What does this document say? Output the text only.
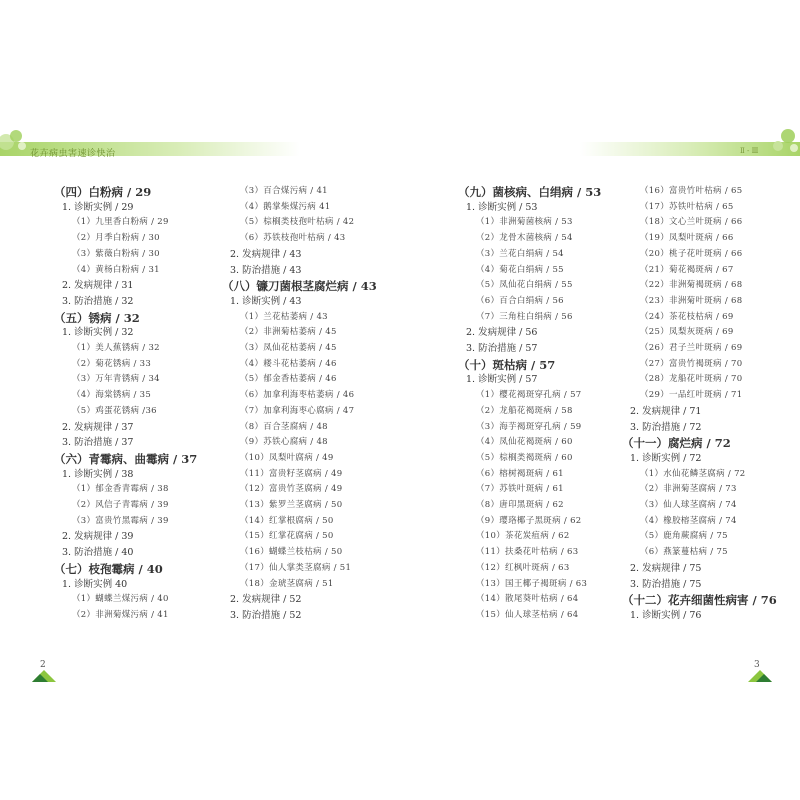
花卉病虫害速诊快治	Ⅱ - Ⅲ
（四）白粉病 / 29
1. 诊断实例 / 29
（1）九里香白粉病 / 29
（2）月季白粉病 / 30
（3）紫薇白粉病 / 30
（4）黄杨白粉病 / 31
2. 发病规律 / 31
3. 防治措施 / 32
（五）锈病 / 32
1. 诊断实例 / 32
（1）美人蕉锈病 / 32
（2）菊花锈病 / 33
（3）万年青锈病 / 34
（4）海棠锈病 / 35
（5）鸡蛋花锈病 /36
2. 发病规律 / 37
3. 防治措施 / 37
（六）青霉病、曲霉病 / 37
1. 诊断实例 / 38
（1）郁金香青霉病 / 38
（2）风信子青霉病 / 39
（3）富贵竹黑霉病 / 39
2. 发病规律 / 39
3. 防治措施 / 40
（七）枝孢霉病 / 40
1. 诊断实例 40
（1）蝴蝶兰煤污病 / 40
（2）非洲菊煤污病 / 41
（3）百合煤污病 / 41
（4）鹅掌柴煤污病 41
（5）棕榈类枝孢叶枯病 / 42
（6）苏铁枝孢叶枯病 / 43
2. 发病规律 / 43
3. 防治措施 / 43
（八）镰刀菌根茎腐烂病 / 43
1. 诊断实例 / 43
（1）兰花枯萎病 / 43
（2）非洲菊枯萎病 / 45
（3）凤仙花枯萎病 / 45
（4）耧斗花枯萎病 / 46
（5）郁金香枯萎病 / 46
（6）加拿利海枣枯萎病 / 46
（7）加拿利海枣心腐病 / 47
（8）百合茎腐病 / 48
（9）苏铁心腐病 / 48
（10）凤梨叶腐病 / 49
（11）富贵籽茎腐病 / 49
（12）富贵竹茎腐病 / 49
（13）紫罗兰茎腐病 / 50
（14）红掌根腐病 / 50
（15）红掌花腐病 / 50
（16）蝴蝶兰枝枯病 / 50
（17）仙人掌类茎腐病 / 51
（18）金琥茎腐病 / 51
2. 发病规律 / 52
3. 防治措施 / 52
（九）菌核病、白绢病 / 53
1. 诊断实例 / 53
（1）非洲菊菌核病 / 53
（2）龙骨木菌核病 / 54
（3）兰花白绢病 / 54
（4）菊花白绢病 / 55
（5）凤仙花白绢病 / 55
（6）百合白绢病 / 56
（7）三角柱白绢病 / 56
2. 发病规律 / 56
3. 防治措施 / 57
（十）斑枯病 / 57
1. 诊断实例 / 57
（1）樱花褐斑穿孔病 / 57
（2）龙船花褐斑病 / 58
（3）海芋褐斑穿孔病 / 59
（4）凤仙花褐斑病 / 60
（5）棕榈类褐斑病 / 60
（6）榕树褐斑病 / 61
（7）苏铁叶斑病 / 61
（8）唐印黑斑病 / 62
（9）璎珞椰子黑斑病 / 62
（10）茶花炭疽病 / 62
（11）扶桑花叶枯病 / 63
（12）红枫叶斑病 / 63
（13）国王椰子褐斑病 / 63
（14）散尾葵叶枯病 / 64
（15）仙人球茎枯病 / 64
（16）富贵竹叶枯病 / 65
（17）苏铁叶枯病 / 65
（18）文心兰叶斑病 / 66
（19）凤梨叶斑病 / 66
（20）桃子花叶斑病 / 66
（21）菊花褐斑病 / 67
（22）非洲菊褐斑病 / 68
（23）非洲菊叶斑病 / 68
（24）茶花枝枯病 / 69
（25）凤梨灰斑病 / 69
（26）君子兰叶斑病 / 69
（27）富贵竹褐斑病 / 70
（28）龙船花叶斑病 / 70
（29）一品红叶斑病 / 71
2. 发病规律 / 71
3. 防治措施 / 72
（十一）腐烂病 / 72
1. 诊断实例 / 72
（1）水仙花鳞茎腐病 / 72
（2）非洲菊茎腐病 / 73
（3）仙人球茎腐病 / 74
（4）橡胶榕茎腐病 / 74
（5）鹿角蕨腐病 / 75
（6）燕篆蔓枯病 / 75
2. 发病规律 / 75
3. 防治措施 / 75
（十二）花卉细菌性病害 / 76
1. 诊断实例 / 76
2	3
